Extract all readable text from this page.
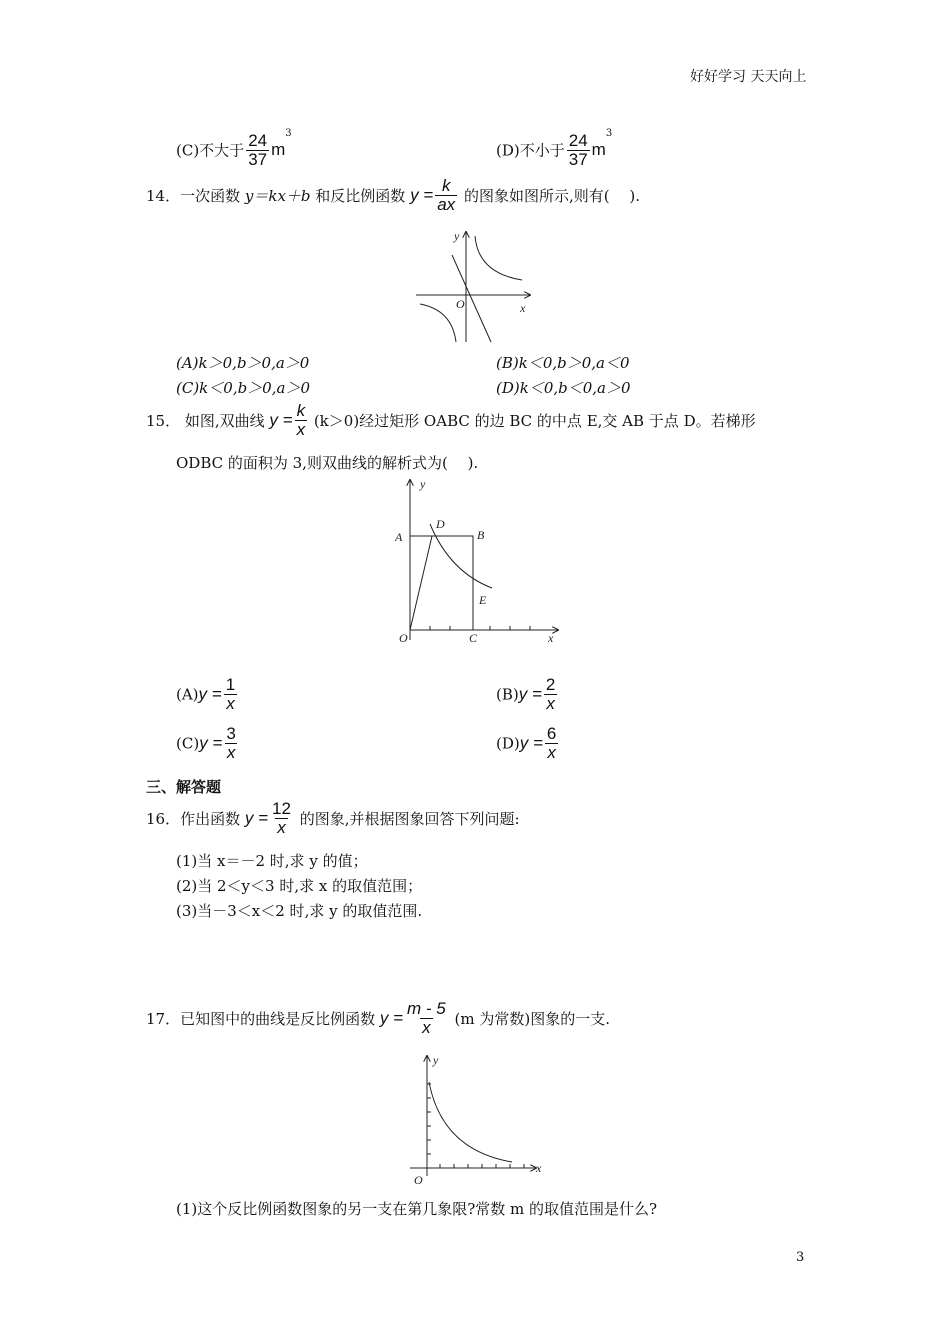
好好学习 天天向上
(C)不大于 $\frac{24}{37} m^3$
(D)不小于 $\frac{24}{37} m^3$
14．一次函数 y＝kx＋b 和反比例函数 $y = \frac{k}{ax}$ 的图象如图所示,则有(　 ).
y
x
O
(A)k＞0,b＞0,a＞0	(B)k＜0,b＞0,a＜0
(C)k＜0,b＞0,a＞0	(D)k＜0,b＜0,a＞0
15． 如图,双曲线 $y = \frac{k}{x} (k>0)$经过矩形 OABC 的边 BC 的中点 E,交 AB 于点 D。若梯形
ODBC 的面积为 3,则双曲线的解析式为(　 ).
y
x
O
A	B
C
D
E
$(A)y = \frac{1}{x}$	$(B)y = \frac{2}{x}$
$(C)y = \frac{3}{x}$	$(D)y = \frac{6}{x}$
三、解答题
16．作出函数 $y = \frac{12}{x}$ 的图象,并根据图象回答下列问题:
(1)当 x＝－2 时,求 y 的值；
(2)当 2＜y＜3 时,求 x 的取值范围；
(3)当－3＜x＜2 时,求 y 的取值范围.
17．已知图中的曲线是反比例函数 $y = \frac{m - 5}{x} (m$ 为常数)图象的一支.
y
x
O
(1)这个反比例函数图象的另一支在第几象限?常数 m 的取值范围是什么?
3
